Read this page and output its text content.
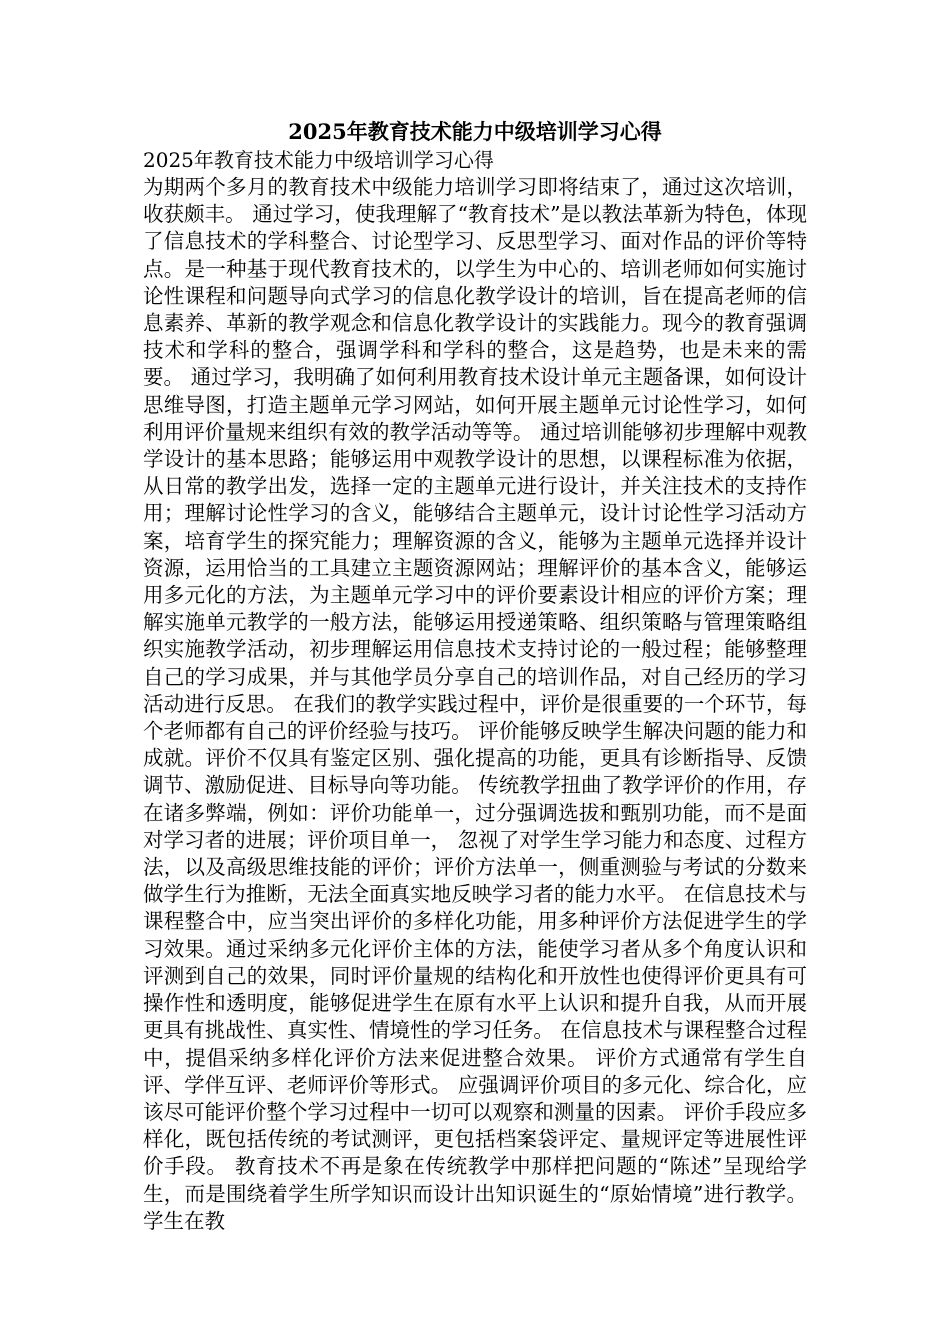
2025年教育技术能力中级培训学习心得

2025年教育技术能力中级培训学习心得

为期两个多月的教育技术中级能力培训学习即将结束了，通过这次培训，收获颇丰。 通过学习，使我理解了“教育技术”是以教法革新为特色，体现了信息技术的学科整合、讨论型学习、反思型学习、面对作品的评价等特点。是一种基于现代教育技术的，以学生为中心的、培训老师如何实施讨论性课程和问题导向式学习的信息化教学设计的培训，旨在提高老师的信息素养、革新的教学观念和信息化教学设计的实践能力。现今的教育强调技术和学科的整合，强调学科和学科的整合，这是趋势，也是未来的需要。 通过学习，我明确了如何利用教育技术设计单元主题备课，如何设计思维导图，打造主题单元学习网站，如何开展主题单元讨论性学习，如何利用评价量规来组织有效的教学活动等等。 通过培训能够初步理解中观教学设计的基本思路；能够运用中观教学设计的思想，以课程标准为依据，从日常的教学出发，选择一定的主题单元进行设计，并关注技术的支持作用；理解讨论性学习的含义，能够结合主题单元，设计讨论性学习活动方案，培育学生的探究能力；理解资源的含义，能够为主题单元选择并设计资源，运用恰当的工具建立主题资源网站；理解评价的基本含义，能够运用多元化的方法，为主题单元学习中的评价要素设计相应的评价方案；理解实施单元教学的一般方法，能够运用授递策略、组织策略与管理策略组织实施教学活动，初步理解运用信息技术支持讨论的一般过程；能够整理自己的学习成果，并与其他学员分享自己的培训作品，对自己经历的学习活动进行反思。 在我们的教学实践过程中，评价是很重要的一个环节，每个老师都有自己的评价经验与技巧。 评价能够反映学生解决问题的能力和成就。评价不仅具有鉴定区别、强化提高的功能，更具有诊断指导、反馈调节、激励促进、目标导向等功能。 传统教学扭曲了教学评价的作用，存在诸多弊端，例如：评价功能单一，过分强调选拔和甄别功能，而不是面对学习者的进展；评价项目单一， 忽视了对学生学习能力和态度、过程方法，以及高级思维技能的评价；评价方法单一，侧重测验与考试的分数来做学生行为推断，无法全面真实地反映学习者的能力水平。 在信息技术与课程整合中，应当突出评价的多样化功能，用多种评价方法促进学生的学习效果。通过采纳多元化评价主体的方法，能使学习者从多个角度认识和评测到自己的效果，同时评价量规的结构化和开放性也使得评价更具有可操作性和透明度，能够促进学生在原有水平上认识和提升自我，从而开展更具有挑战性、真实性、情境性的学习任务。 在信息技术与课程整合过程中，提倡采纳多样化评价方法来促进整合效果。 评价方式通常有学生自评、学伴互评、老师评价等形式。 应强调评价项目的多元化、综合化，应该尽可能评价整个学习过程中一切可以观察和测量的因素。 评价手段应多样化，既包括传统的考试测评，更包括档案袋评定、量规评定等进展性评价手段。 教育技术不再是象在传统教学中那样把问题的“陈述”呈现给学生，而是围绕着学生所学知识而设计出知识诞生的“原始情境”进行教学。学生在教
